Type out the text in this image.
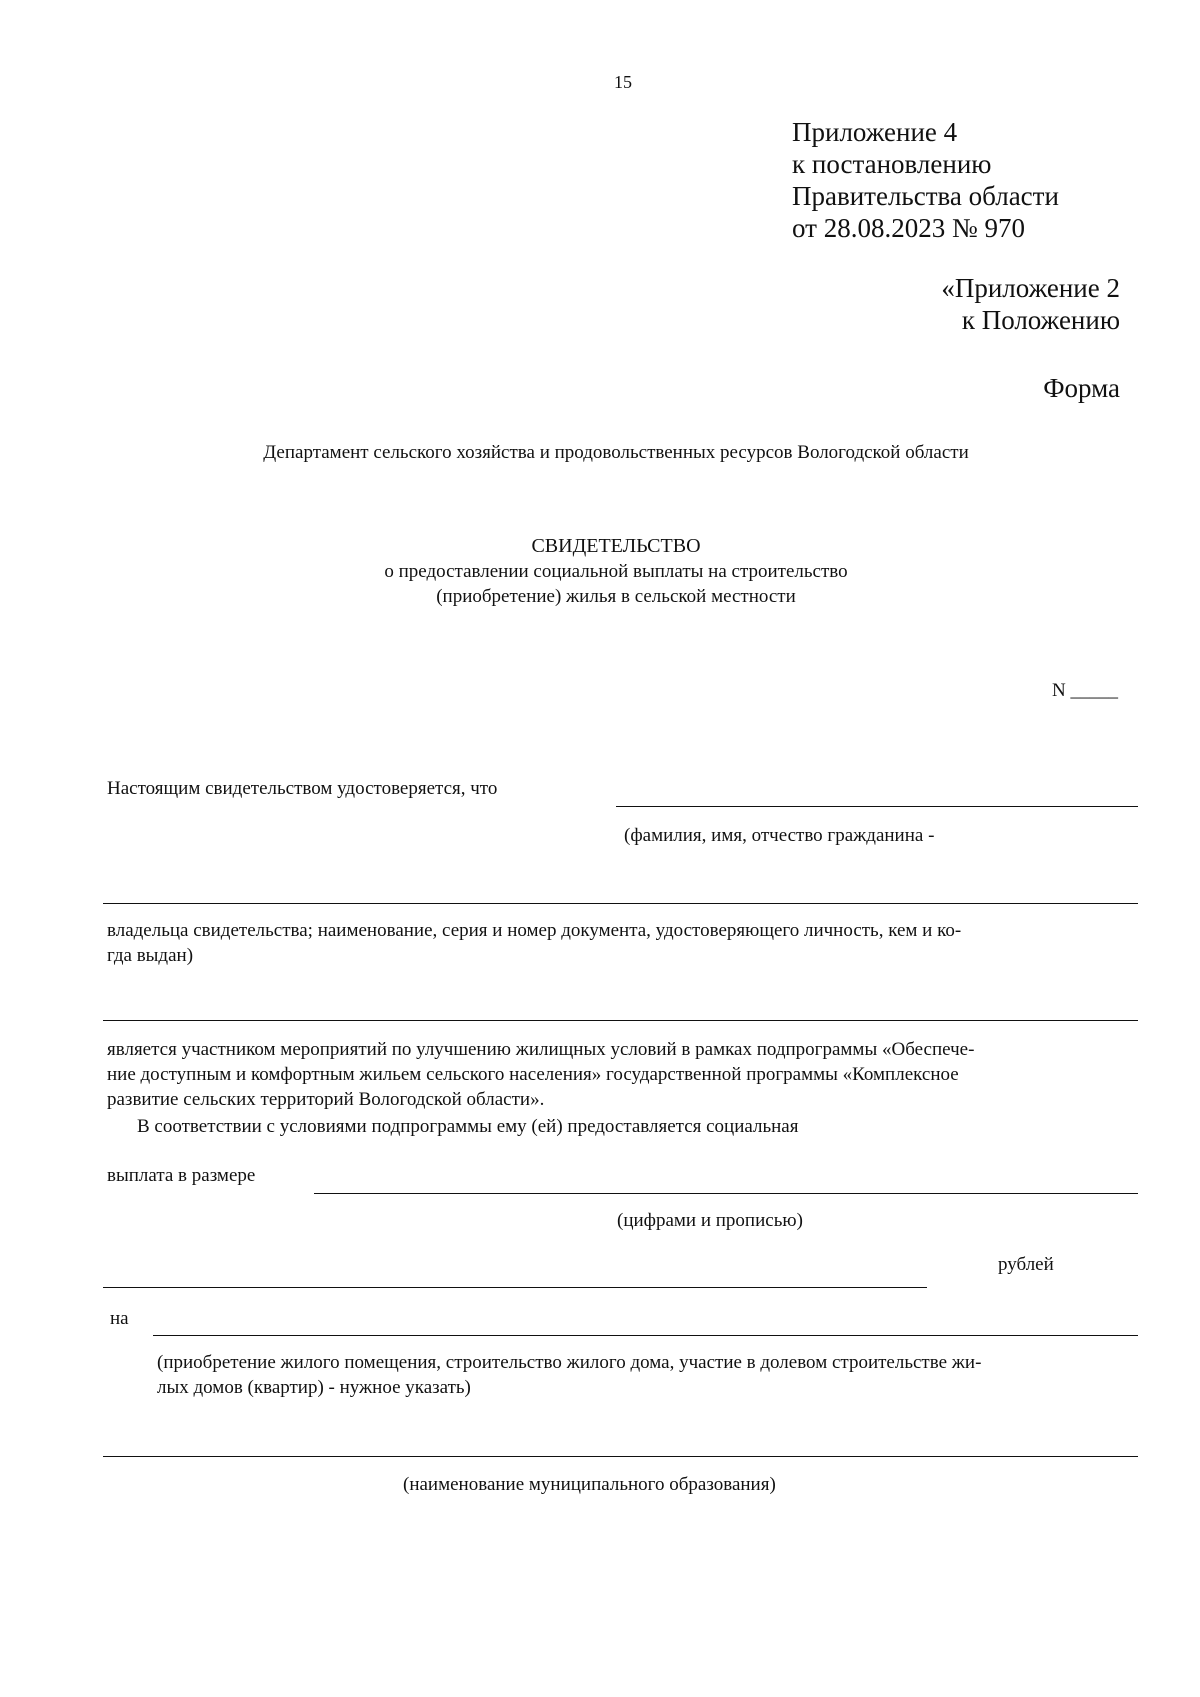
15
Приложение 4
к постановлению
Правительства области
от 28.08.2023 № 970
«Приложение 2
к Положению
Форма
Департамент сельского хозяйства и продовольственных ресурсов Вологодской области
СВИДЕТЕЛЬСТВО
о предоставлении социальной выплаты на строительство
(приобретение) жилья в сельской местности
N _____
Настоящим свидетельством удостоверяется, что
(фамилия, имя, отчество гражданина -
владельца свидетельства; наименование, серия и номер документа, удостоверяющего личность, кем и ко-
гда выдан)
является участником мероприятий по улучшению жилищных условий в рамках подпрограммы «Обеспече-
ние доступным и комфортным жильем сельского населения» государственной программы «Комплексное
развитие сельских территорий Вологодской области».
В соответствии с условиями подпрограммы ему (ей) предоставляется социальная
выплата в размере
(цифрами и прописью)
рублей
на
(приобретение жилого помещения, строительство жилого дома, участие в долевом строительстве жи-
лых домов (квартир) - нужное указать)
(наименование муниципального образования)
